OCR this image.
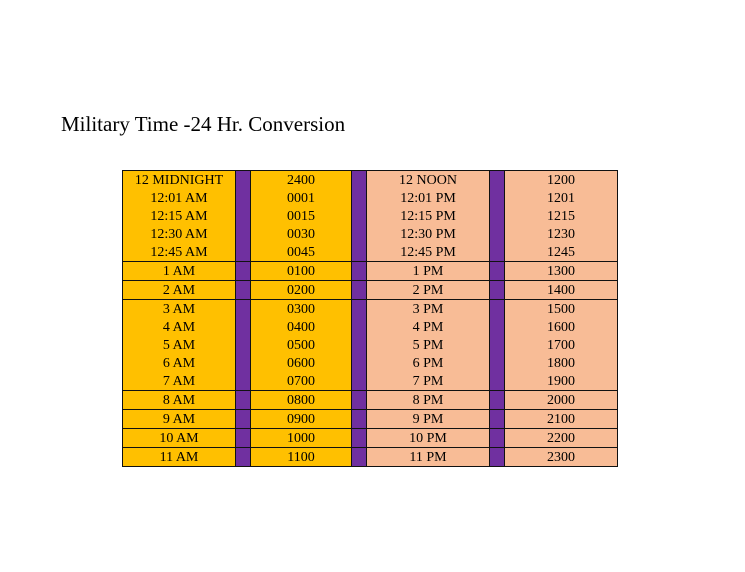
Military Time -24 Hr. Conversion
12 MIDNIGHT		2400		12 NOON		1200
12:01 AM		0001		12:01 PM		1201
12:15 AM		0015		12:15 PM		1215
12:30 AM		0030		12:30 PM		1230
12:45 AM		0045		12:45 PM		1245
1 AM		0100		1 PM		1300
2 AM		0200		2 PM		1400
3 AM		0300		3 PM		1500
4 AM		0400		4 PM		1600
5 AM		0500		5 PM		1700
6 AM		0600		6 PM		1800
7 AM		0700		7 PM		1900
8 AM		0800		8 PM		2000
9 AM		0900		9 PM		2100
10 AM		1000		10 PM		2200
11 AM		1100		11 PM		2300
